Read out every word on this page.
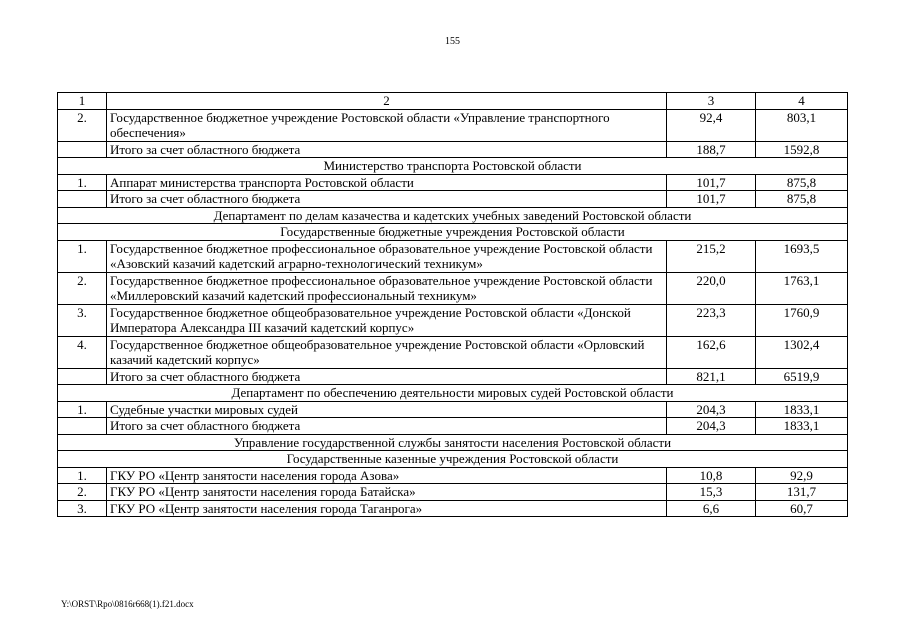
155
1	2	3	4
2.	Государственное бюджетное учреждение Ростовской области «Управление транспортного обеспечения»	92,4	803,1
	Итого за счет областного бюджета	188,7	1592,8
Министерство транспорта Ростовской области			
1.	Аппарат министерства транспорта Ростовской области	101,7	875,8
	Итого за счет областного бюджета	101,7	875,8
Департамент по делам казачества и кадетских учебных заведений Ростовской области			
Государственные бюджетные учреждения Ростовской области			
1.	Государственное бюджетное профессиональное образовательное учреждение Ростовской области «Азовский казачий кадетский аграрно-технологический техникум»	215,2	1693,5
2.	Государственное бюджетное профессиональное образовательное учреждение Ростовской области «Миллеровский казачий кадетский профессиональный техникум»	220,0	1763,1
3.	Государственное бюджетное общеобразовательное учреждение Ростовской области «Донской Императора Александра III казачий кадетский корпус»	223,3	1760,9
4.	Государственное бюджетное общеобразовательное учреждение Ростовской области «Орловский казачий кадетский корпус»	162,6	1302,4
	Итого за счет областного бюджета	821,1	6519,9
Департамент по обеспечению деятельности мировых судей Ростовской области			
1.	Судебные участки мировых судей	204,3	1833,1
	Итого за счет областного бюджета	204,3	1833,1
Управление государственной службы занятости населения Ростовской области			
Государственные казенные учреждения Ростовской области			
1.	ГКУ РО «Центр занятости населения города Азова»	10,8	92,9
2.	ГКУ РО «Центр занятости населения города Батайска»	15,3	131,7
3.	ГКУ РО «Центр занятости населения города Таганрога»	6,6	60,7
Y:\ORST\Rpo\0816r668(1).f21.docx
